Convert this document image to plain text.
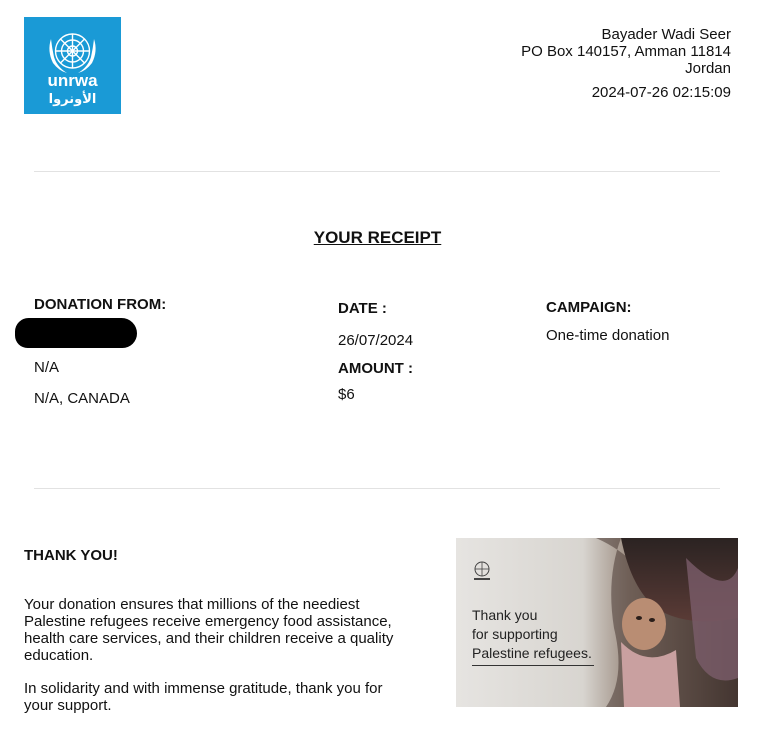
unrwa
الأونروا
Bayader Wadi Seer
PO Box 140157, Amman 11814
Jordan
2024-07-26 02:15:09
YOUR RECEIPT
DONATION FROM:
N/A
N/A, CANADA
DATE :
26/07/2024
AMOUNT :
$6
CAMPAIGN:
One-time donation
THANK YOU!

Your donation ensures that millions of the neediest Palestine refugees receive emergency food assistance, health care services, and their children receive a quality education.

In solidarity and with immense gratitude, thank you for your support.

Thank you
for supporting
Palestine refugees.
